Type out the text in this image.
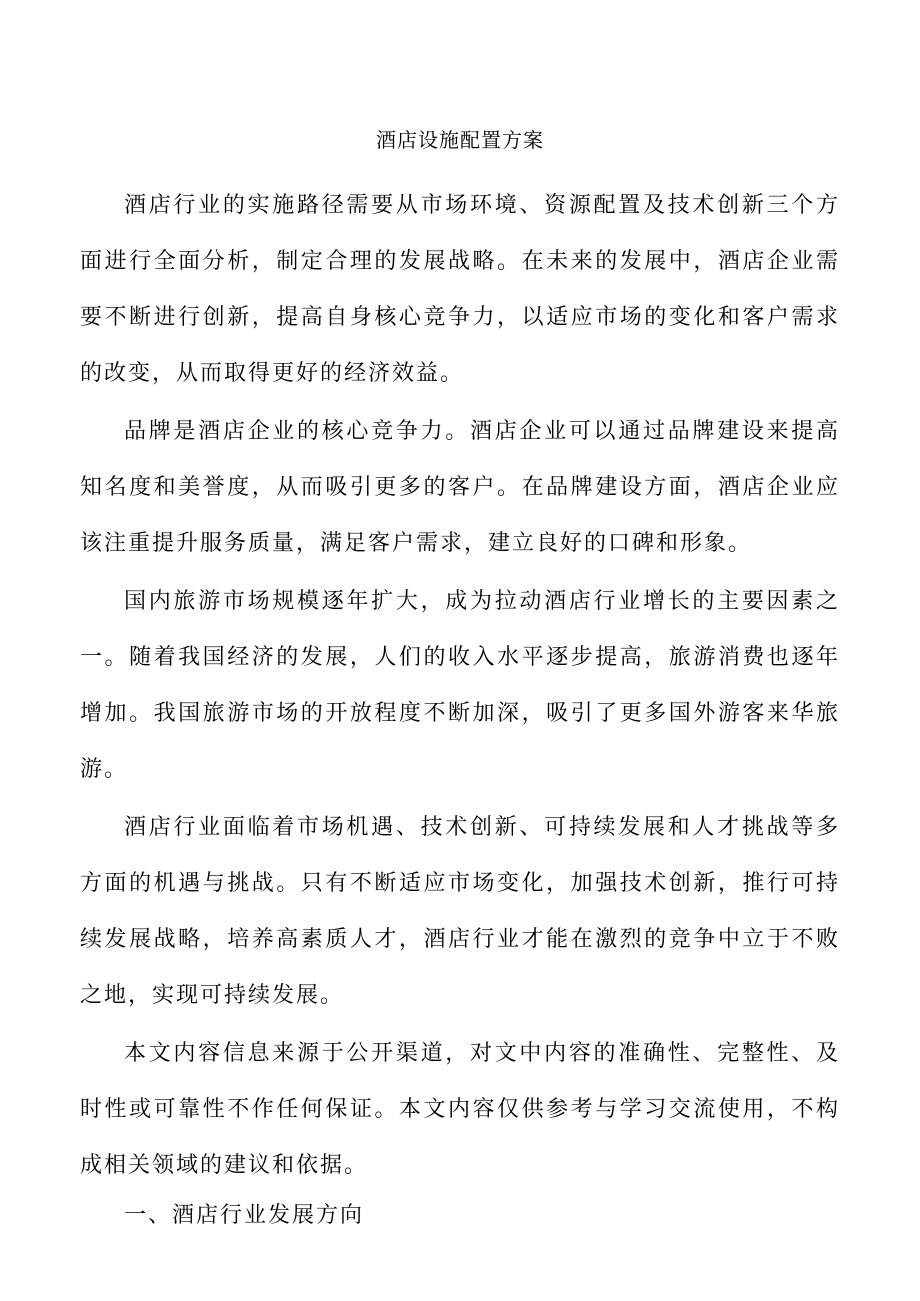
酒店设施配置方案

酒店行业的实施路径需要从市场环境、资源配置及技术创新三个方面进行全面分析，制定合理的发展战略。在未来的发展中，酒店企业需要不断进行创新，提高自身核心竞争力，以适应市场的变化和客户需求的改变，从而取得更好的经济效益。

品牌是酒店企业的核心竞争力。酒店企业可以通过品牌建设来提高知名度和美誉度，从而吸引更多的客户。在品牌建设方面，酒店企业应该注重提升服务质量，满足客户需求，建立良好的口碑和形象。

国内旅游市场规模逐年扩大，成为拉动酒店行业增长的主要因素之一。随着我国经济的发展，人们的收入水平逐步提高，旅游消费也逐年增加。我国旅游市场的开放程度不断加深，吸引了更多国外游客来华旅游。

酒店行业面临着市场机遇、技术创新、可持续发展和人才挑战等多方面的机遇与挑战。只有不断适应市场变化，加强技术创新，推行可持续发展战略，培养高素质人才，酒店行业才能在激烈的竞争中立于不败之地，实现可持续发展。

本文内容信息来源于公开渠道，对文中内容的准确性、完整性、及时性或可靠性不作任何保证。本文内容仅供参考与学习交流使用，不构成相关领域的建议和依据。

一、酒店行业发展方向
